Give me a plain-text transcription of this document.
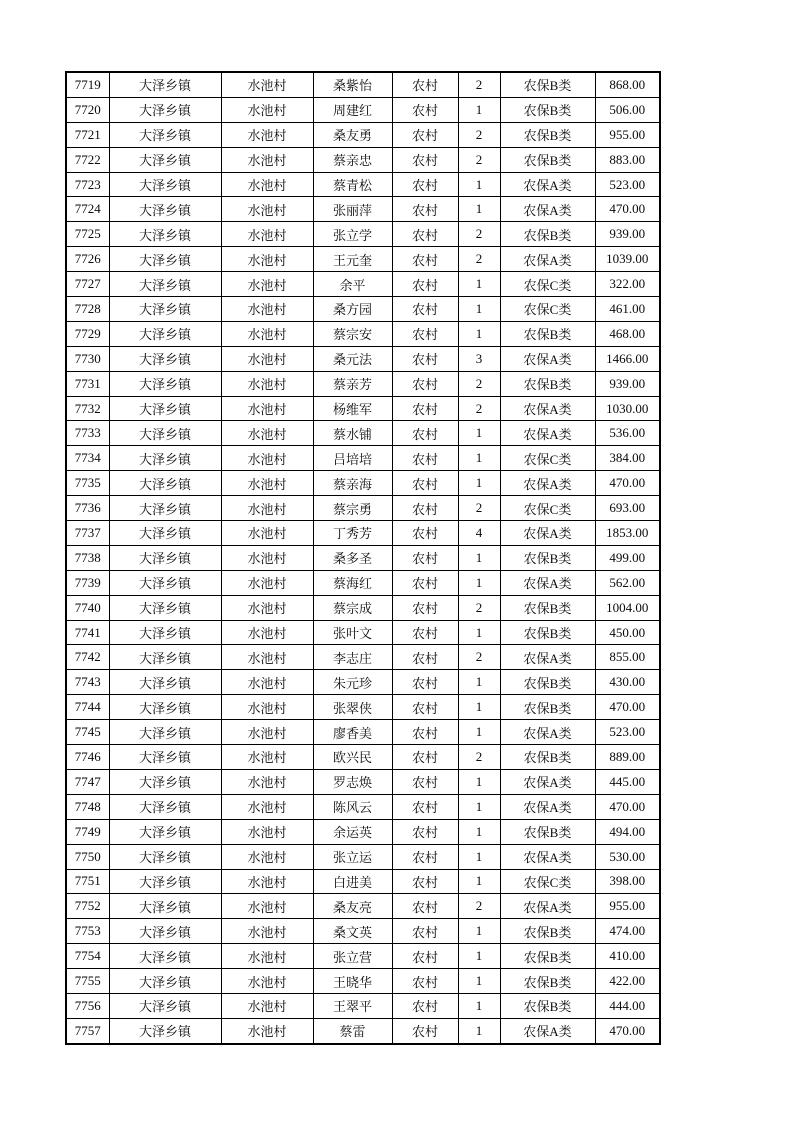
7719	大泽乡镇	水池村	桑紫怡	农村	2	农保B类	868.00
7720	大泽乡镇	水池村	周建红	农村	1	农保B类	506.00
7721	大泽乡镇	水池村	桑友勇	农村	2	农保B类	955.00
7722	大泽乡镇	水池村	蔡亲忠	农村	2	农保B类	883.00
7723	大泽乡镇	水池村	蔡青松	农村	1	农保A类	523.00
7724	大泽乡镇	水池村	张丽萍	农村	1	农保A类	470.00
7725	大泽乡镇	水池村	张立学	农村	2	农保B类	939.00
7726	大泽乡镇	水池村	王元奎	农村	2	农保A类	1039.00
7727	大泽乡镇	水池村	余平	农村	1	农保C类	322.00
7728	大泽乡镇	水池村	桑方园	农村	1	农保C类	461.00
7729	大泽乡镇	水池村	蔡宗安	农村	1	农保B类	468.00
7730	大泽乡镇	水池村	桑元法	农村	3	农保A类	1466.00
7731	大泽乡镇	水池村	蔡亲芳	农村	2	农保B类	939.00
7732	大泽乡镇	水池村	杨维军	农村	2	农保A类	1030.00
7733	大泽乡镇	水池村	蔡水铺	农村	1	农保A类	536.00
7734	大泽乡镇	水池村	吕培培	农村	1	农保C类	384.00
7735	大泽乡镇	水池村	蔡亲海	农村	1	农保A类	470.00
7736	大泽乡镇	水池村	蔡宗勇	农村	2	农保C类	693.00
7737	大泽乡镇	水池村	丁秀芳	农村	4	农保A类	1853.00
7738	大泽乡镇	水池村	桑多圣	农村	1	农保B类	499.00
7739	大泽乡镇	水池村	蔡海红	农村	1	农保A类	562.00
7740	大泽乡镇	水池村	蔡宗成	农村	2	农保B类	1004.00
7741	大泽乡镇	水池村	张叶文	农村	1	农保B类	450.00
7742	大泽乡镇	水池村	李志庄	农村	2	农保A类	855.00
7743	大泽乡镇	水池村	朱元珍	农村	1	农保B类	430.00
7744	大泽乡镇	水池村	张翠侠	农村	1	农保B类	470.00
7745	大泽乡镇	水池村	廖香美	农村	1	农保A类	523.00
7746	大泽乡镇	水池村	欧兴民	农村	2	农保B类	889.00
7747	大泽乡镇	水池村	罗志焕	农村	1	农保A类	445.00
7748	大泽乡镇	水池村	陈风云	农村	1	农保A类	470.00
7749	大泽乡镇	水池村	余运英	农村	1	农保B类	494.00
7750	大泽乡镇	水池村	张立运	农村	1	农保A类	530.00
7751	大泽乡镇	水池村	白进美	农村	1	农保C类	398.00
7752	大泽乡镇	水池村	桑友亮	农村	2	农保A类	955.00
7753	大泽乡镇	水池村	桑文英	农村	1	农保B类	474.00
7754	大泽乡镇	水池村	张立营	农村	1	农保B类	410.00
7755	大泽乡镇	水池村	王晓华	农村	1	农保B类	422.00
7756	大泽乡镇	水池村	王翠平	农村	1	农保B类	444.00
7757	大泽乡镇	水池村	蔡雷	农村	1	农保A类	470.00
